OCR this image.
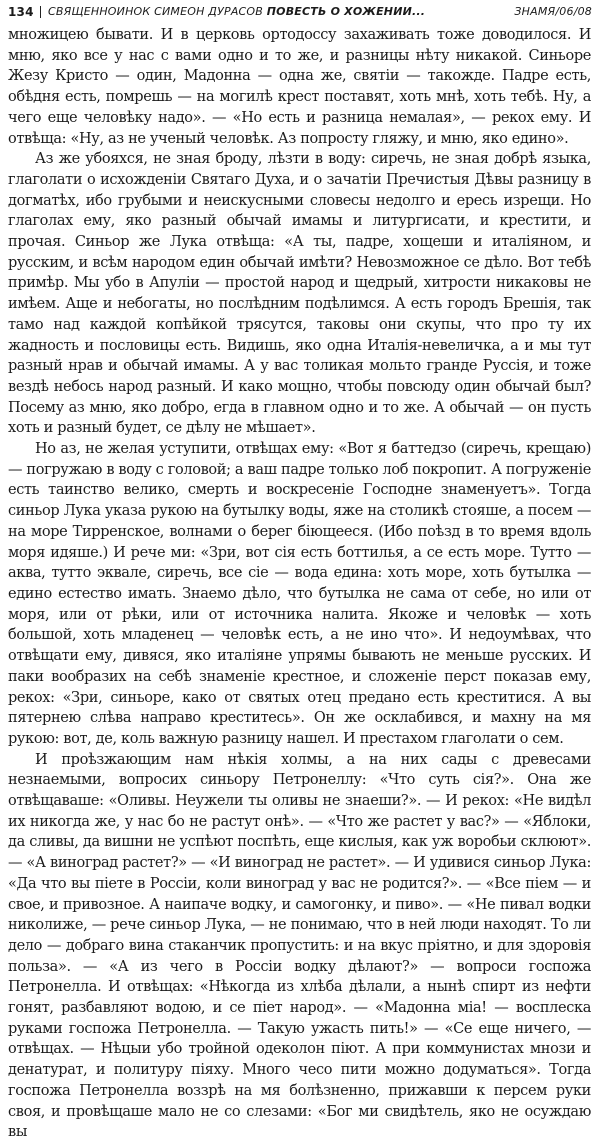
134 СВЯЩЕННОИНОК СИМЕОН ДУРАСОВ ПОВЕСТЬ О ХОЖЕНИИ...	ЗНАМЯ/06/08

множицею бывати. И в церковь ортодоссу захаживать тоже доводилося. И мню, яко все у нас с вами одно и то же, и разницы нѣту никакой. Синьоре Жезу Кристо — один, Мадонна — одна же, святіи — такожде. Падре есть, обѣдня есть, помрешь — на могилѣ крест поставят, хоть мнѣ, хоть тебѣ. Ну, а чего еще человѣку надо». — «Но есть и разница немалая», — рекох ему. И отвѣща: «Ну, аз не ученый человѣк. Аз попросту гляжу, и мню, яко едино».

Аз же убояхся, не зная броду, лѣзти в воду: сиречь, не зная добрѣ языка, глаголати о исхожденіи Святаго Духа, и о зачатіи Пречистыя Дѣвы разницу в догматѣх, ибо грубыми и неискусными словесы недолго и ересь изрещи. Но глаголах ему, яко разный обычай имамы и литургисати, и крестити, и прочая. Синьор же Лука отвѣща: «А ты, падре, хощеши и италіяном, и русским, и всѣм народом един обычай имѣти? Невозможное се дѣло. Вот тебѣ примѣр. Мы убо в Апуліи — простой народ и щедрый, хитрости никаковы не имѣем. Аще и небогаты, но послѣдним подѣлимся. А есть городъ Брешія, так тамо над каждой копѣйкой трясутся, таковы они скупы, что про ту их жадность и пословицы есть. Видишь, яко одна Италія-невеличка, а и мы тут разный нрав и обычай имамы. А у вас толикая мольто гранде Руссія, и тоже вездѣ небось народ разный. И како мощно, чтобы повсюду один обычай был? Посему аз мню, яко добро, егда в главном одно и то же. А обычай — он пусть хоть и разный будет, се дѣлу не мѣшает».

Но аз, не желая уступити, отвѣщах ему: «Вот я баттедзо (сиречь, крещаю) — погружаю в воду с головой; а ваш падре только лоб покропит. А погруженіе есть таинство велико, смерть и воскресеніе Господне знаменуетъ». Тогда синьор Лука указа рукою на бутылку воды, яже на столикѣ стояше, а посем — на море Тирренское, волнами о берег біющееся. (Ибо поѣзд в то время вдоль моря идяше.) И рече ми: «Зри, вот сія есть боттилья, а се есть море. Тутто — аква, тутто эквале, сиречь, все сіе — вода едина: хоть море, хоть бутылка — едино естество имать. Знаемо дѣло, что бутылка не сама от себе, но или от моря, или от рѣки, или от источника налита. Якоже и человѣк — хоть большой, хоть младенец — человѣк есть, а не ино что». И недоумѣвах, что отвѣщати ему, дивяся, яко италіяне упрямы бывають не меньше русских. И паки вообразих на себѣ знаменіе крестное, и сложеніе перст показав ему, рекох: «Зри, синьоре, како от святых отец предано есть креститися. А вы пятернею слѣва направо креститесь». Он же осклабився, и махну на мя рукою: вот, де, коль важную разницу нашел. И престахом глаголати о сем.

И проѣзжающим нам нѣкія холмы, а на них сады с древесами незнаемыми, вопросих синьору Петронеллу: «Что суть сія?». Она же отвѣщаваше: «Оливы. Неужели ты оливы не знаеши?». — И рекох: «Не видѣл их никогда же, у нас бо не растут онѣ». — «Что же растет у вас?» — «Яблоки, да сливы, да вишни не успѣют поспѣть, еще кислыя, как уж воробьи склюют». — «А виноград растет?» — «И виноград не растет». — И удивися синьор Лука: «Да что вы піете в Россіи, коли виноград у вас не родится?». — «Все піем — и свое, и привозное. А наипаче водку, и самогонку, и пиво». — «Не пивал водки николиже, — рече синьор Лука, — не понимаю, что в ней люди находят. То ли дело — добраго вина стаканчик пропустить: и на вкус пріятно, и для здоровія польза». — «А из чего в Россіи водку дѣлают?» — вопроси госпожа Петронелла. И отвѣщах: «Нѣкогда из хлѣба дѣлали, а нынѣ спирт из нефти гонят, разбавляют водою, и се піет народ». — «Мадонна міа! — восплеска руками госпожа Петронелла. — Такую ужасть пить!» — «Се еще ничего, — отвѣщах. — Нѣцыи убо тройной одеколон піют. А при коммунистах мнози и денатурат, и политуру піяху. Много чесо пити можно додуматься». Тогда госпожа Петронелла воззрѣ на мя болѣзненно, прижавши к персем руки своя, и провѣщаше мало не со слезами: «Бог ми свидѣтель, яко не осуждаю вы
